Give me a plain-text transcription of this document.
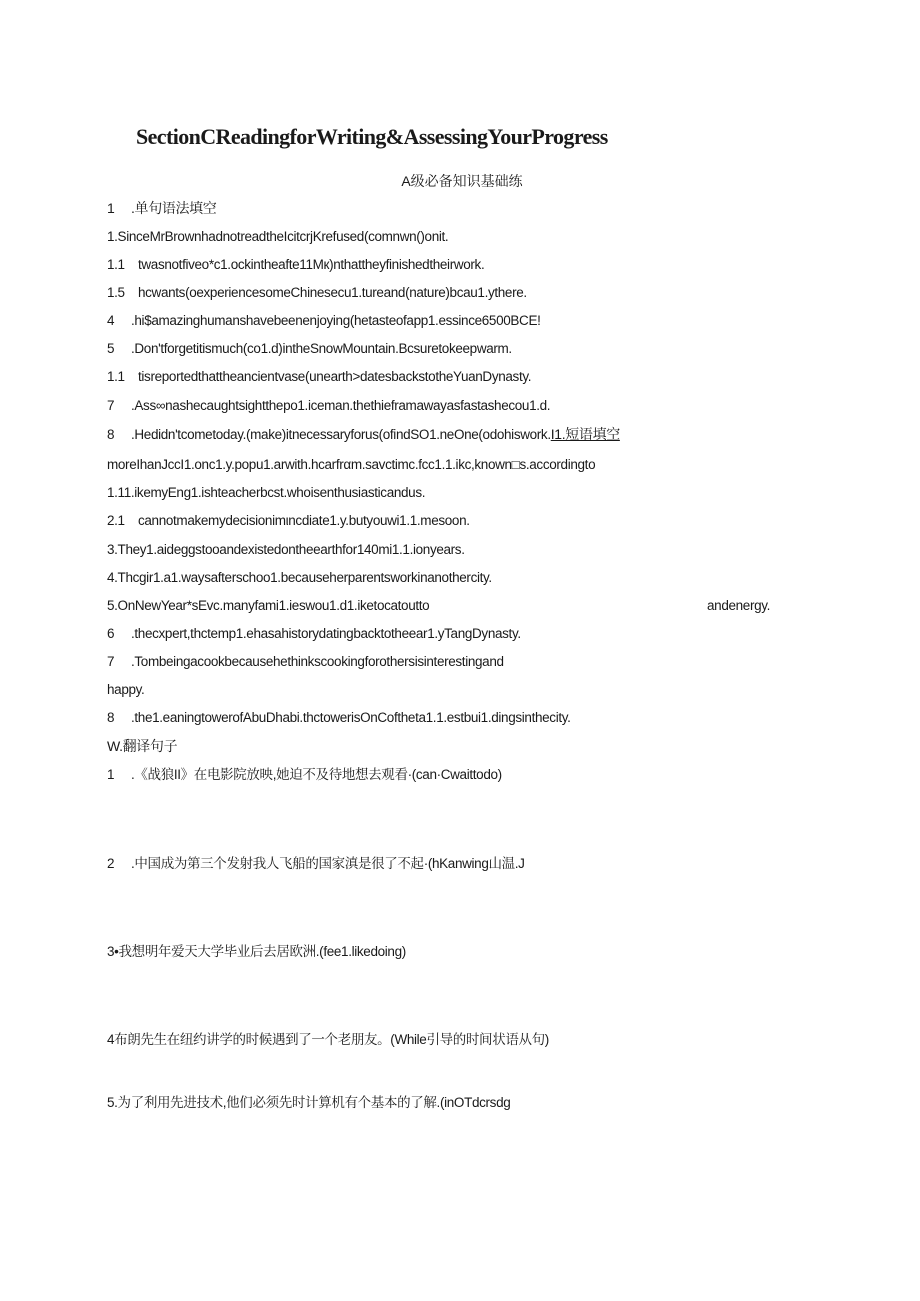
SectionCReadingforWriting&AssessingYourProgress
A级必备知识基础练
1 .单句语法填空
1.SinceMrBrownhadnotreadtheIcitcrjKrefused(comnwn()onit.
1.1 twasnotfiveo*c1.ockintheafte11Mк)nthattheyfinishedtheirwork.
1.5 hcwants(oexperiencesomeChinesecu1.tureand(nature)bcau1.ythere.
4 .hi$amazinghumanshavebeenenjoying(hetasteofapp1.essince6500BCE!
5 .Don'tforgetitismuch(co1.d)intheSnowMountain.Bcsuretokeepwarm.
1.1 tisreportedthattheancientvase(unearth>datesbackstotheYuanDynasty.
7 .Ass∞nashecaughtsightthepo1.iceman.thethieframawayasfastashecou1.d.
8 .Hedidn'tcometoday.(make)itnecessaryforus(ofindSO1.neOne(odohiswork.I1.短语填空
moreIhanJccI1.onc1.y.popu1.arwith.hcarfrαm.savctimc.fcc1.1.ikc,known□s.accordingto
1.11.ikemyEng1.ishteacherbcst.whoisenthusiasticandus.
2.1 cannotmakemydecisionimιncdiate1.y.butyouwi1.1.mesoon.
3.They1.aideggstooandexistedontheearthfor140mi1.1.ionyears.
4.Thcgir1.a1.waysafterschoo1.becauseherparentsworkinanothercity.
5.OnNewYear*sEvc.manyfami1.ieswou1.d1.iketocatoutto	andenergy.
6 .thecxpert,thctemp1.ehasahistorydatingbacktotheear1.yTangDynasty.
7 .Tombeingacookbecausehethinkscookingforothersisinterestingand
happy.
8 .the1.eaningtowerofAbuDhabi.thctowerisOnCoftheta1.1.estbui1.dingsinthecity.
W.翻译句子
1 .《战狼II》在电影院放映,她迫不及待地想去观看·(can·Cwaittodo)
2 .中国成为第三个发射我人飞船的国家滇是很了不起·(hKanwing山温.J
3•我想明年爱天大学毕业后去居欧洲.(fee1.likedoing)
4布朗先生在纽约讲学的时候遇到了一个老朋友。(While引导的时间状语从句)
5.为了利用先进技术,他们必须先时计算机有个基本的了解.(inOTdcrsdg
